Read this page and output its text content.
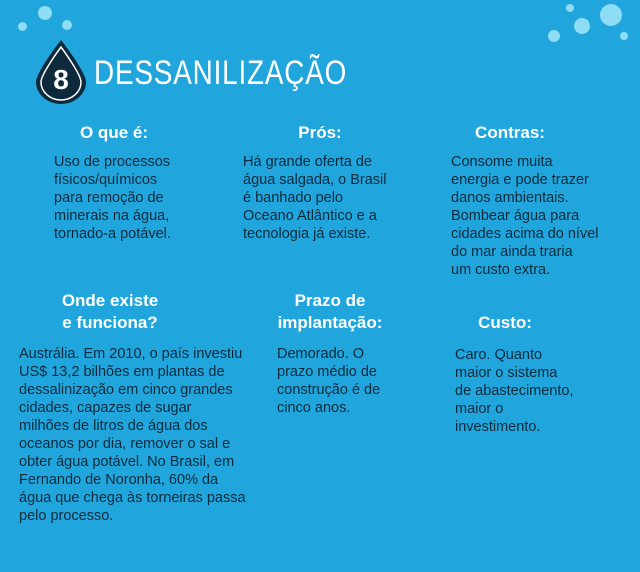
8 DESSANILIZAÇÃO
O que é:
Uso de processos
físicos/químicos
para remoção de
minerais na água,
tornado-a potável.
Prós:
Há grande oferta de
água salgada, o Brasil
é banhado pelo
Oceano Atlântico e a
tecnologia já existe.
Contras:
Consome muita
energia e pode trazer
danos ambientais.
Bombear água para
cidades acima do nível
do mar ainda traria
um custo extra.
Onde existe
e funciona?
Austrália. Em 2010, o país investiu
US$ 13,2 bilhões em plantas de
dessalinização em cinco grandes
cidades, capazes de sugar
milhões de litros de água dos
oceanos por dia, remover o sal e
obter água potável. No Brasil, em
Fernando de Noronha, 60% da
água que chega às torneiras passa
pelo processo.
Prazo de
implantação:
Demorado. O
prazo médio de
construção é de
cinco anos.
Custo:
Caro. Quanto
maior o sistema
de abastecimento,
maior o
investimento.
